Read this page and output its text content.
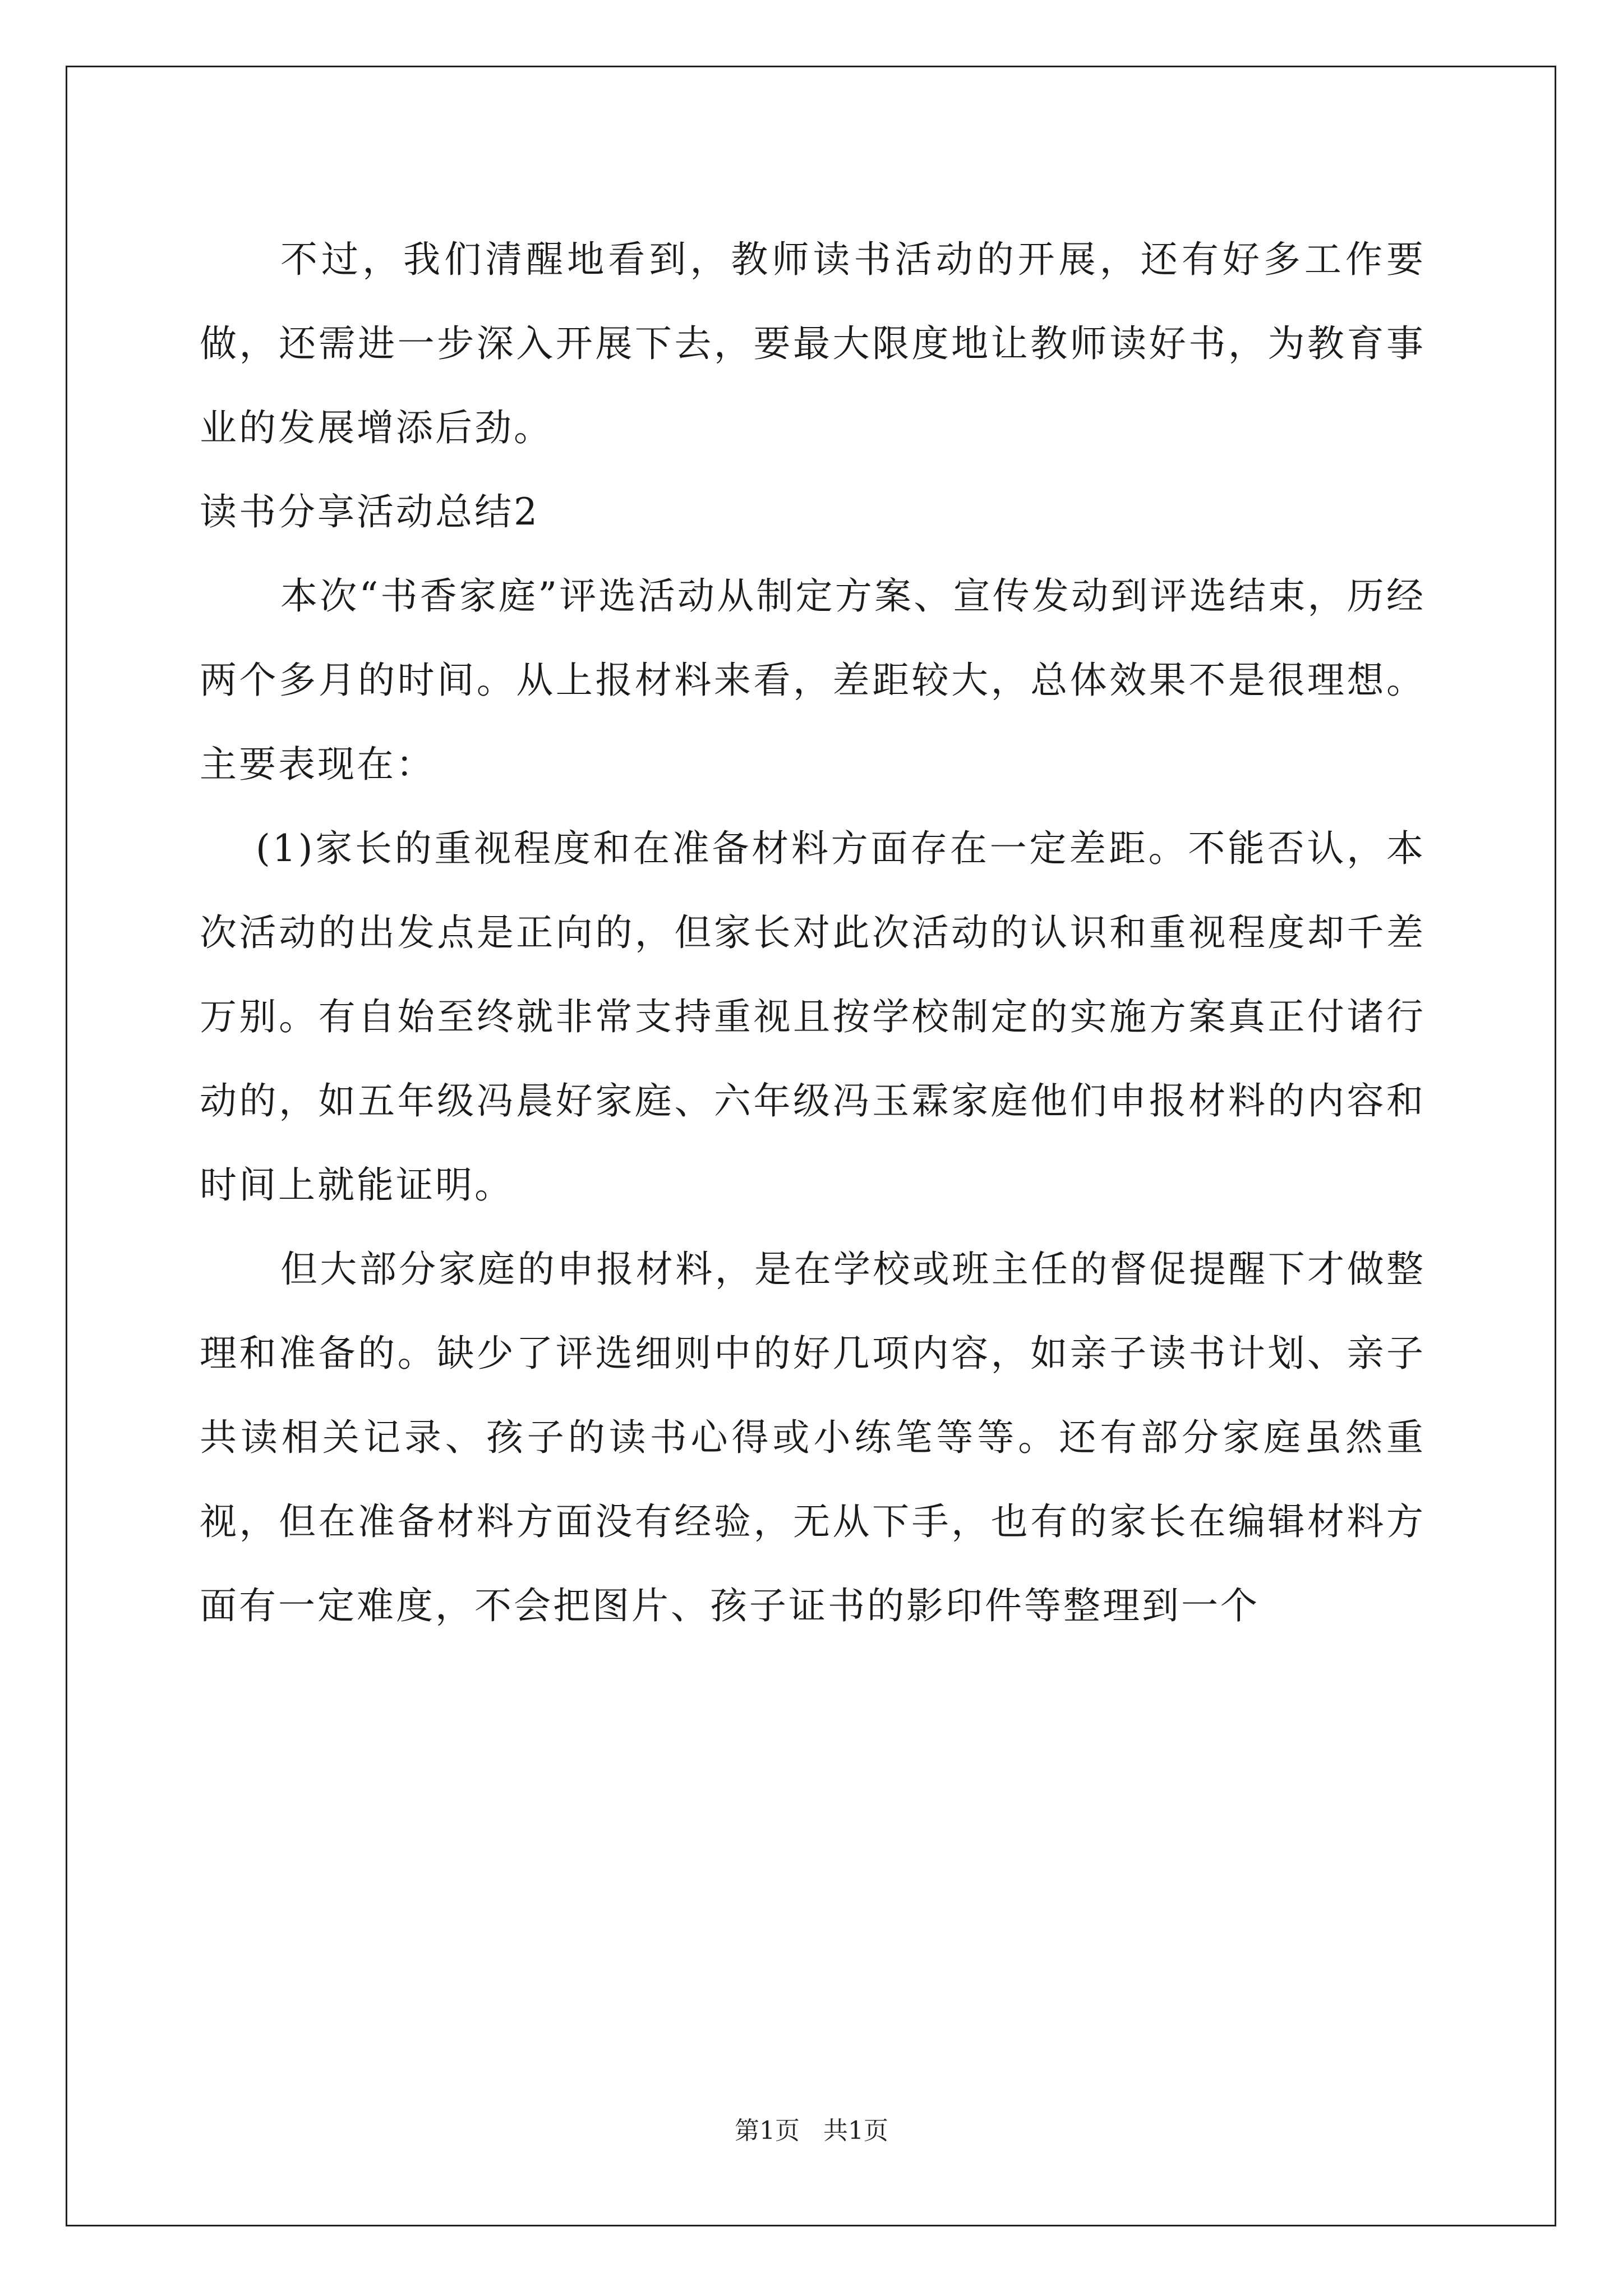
不过，我们清醒地看到，教师读书活动的开展，还有好多工作要做，还需进一步深入开展下去，要最大限度地让教师读好书，为教育事业的发展增添后劲。

读书分享活动总结2

本次“书香家庭”评选活动从制定方案、宣传发动到评选结束，历经两个多月的时间。从上报材料来看，差距较大，总体效果不是很理想。主要表现在：

(1)家长的重视程度和在准备材料方面存在一定差距。不能否认，本次活动的出发点是正向的，但家长对此次活动的认识和重视程度却千差万别。有自始至终就非常支持重视且按学校制定的实施方案真正付诸行动的，如五年级冯晨好家庭、六年级冯玉霖家庭他们申报材料的内容和时间上就能证明。

但大部分家庭的申报材料，是在学校或班主任的督促提醒下才做整理和准备的。缺少了评选细则中的好几项内容，如亲子读书计划、亲子共读相关记录、孩子的读书心得或小练笔等等。还有部分家庭虽然重视，但在准备材料方面没有经验，无从下手，也有的家长在编辑材料方面有一定难度，不会把图片、孩子证书的影印件等整理到一个

第1页 共1页
